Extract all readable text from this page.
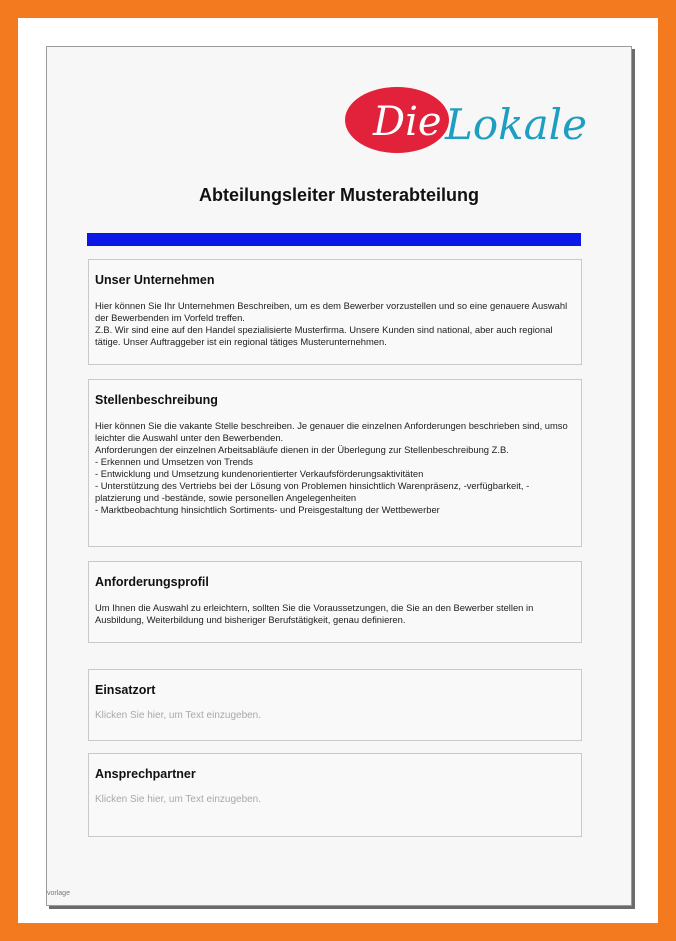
Die Lokale
Abteilungsleiter Musterabteilung
Unser Unternehmen
Hier können Sie Ihr Unternehmen Beschreiben, um es dem Bewerber vorzustellen und so eine genauere Auswahl der Bewerbenden im Vorfeld treffen.
Z.B. Wir sind eine auf den Handel spezialisierte Musterfirma. Unsere Kunden sind national, aber auch regional tätige. Unser Auftraggeber ist ein regional tätiges Musterunternehmen.
Stellenbeschreibung
Hier können Sie die vakante Stelle beschreiben. Je genauer die einzelnen Anforderungen beschrieben sind, umso leichter die Auswahl unter den Bewerbenden.
Anforderungen der einzelnen Arbeitsabläufe dienen in der Überlegung zur Stellenbeschreibung Z.B.
- Erkennen und Umsetzen von Trends
- Entwicklung und Umsetzung kundenorientierter Verkaufsförderungsaktivitäten
- Unterstützung des Vertriebs bei der Lösung von Problemen hinsichtlich Warenpräsenz, -verfügbarkeit, -platzierung und -bestände, sowie personellen Angelegenheiten
- Marktbeobachtung hinsichtlich Sortiments- und Preisgestaltung der Wettbewerber
Anforderungsprofil
Um Ihnen die Auswahl zu erleichtern, sollten Sie die Voraussetzungen, die Sie an den Bewerber stellen in Ausbildung, Weiterbildung und bisheriger Berufstätigkeit, genau definieren.
Einsatzort
Klicken Sie hier, um Text einzugeben.
Ansprechpartner
Klicken Sie hier, um Text einzugeben.
vorlage
